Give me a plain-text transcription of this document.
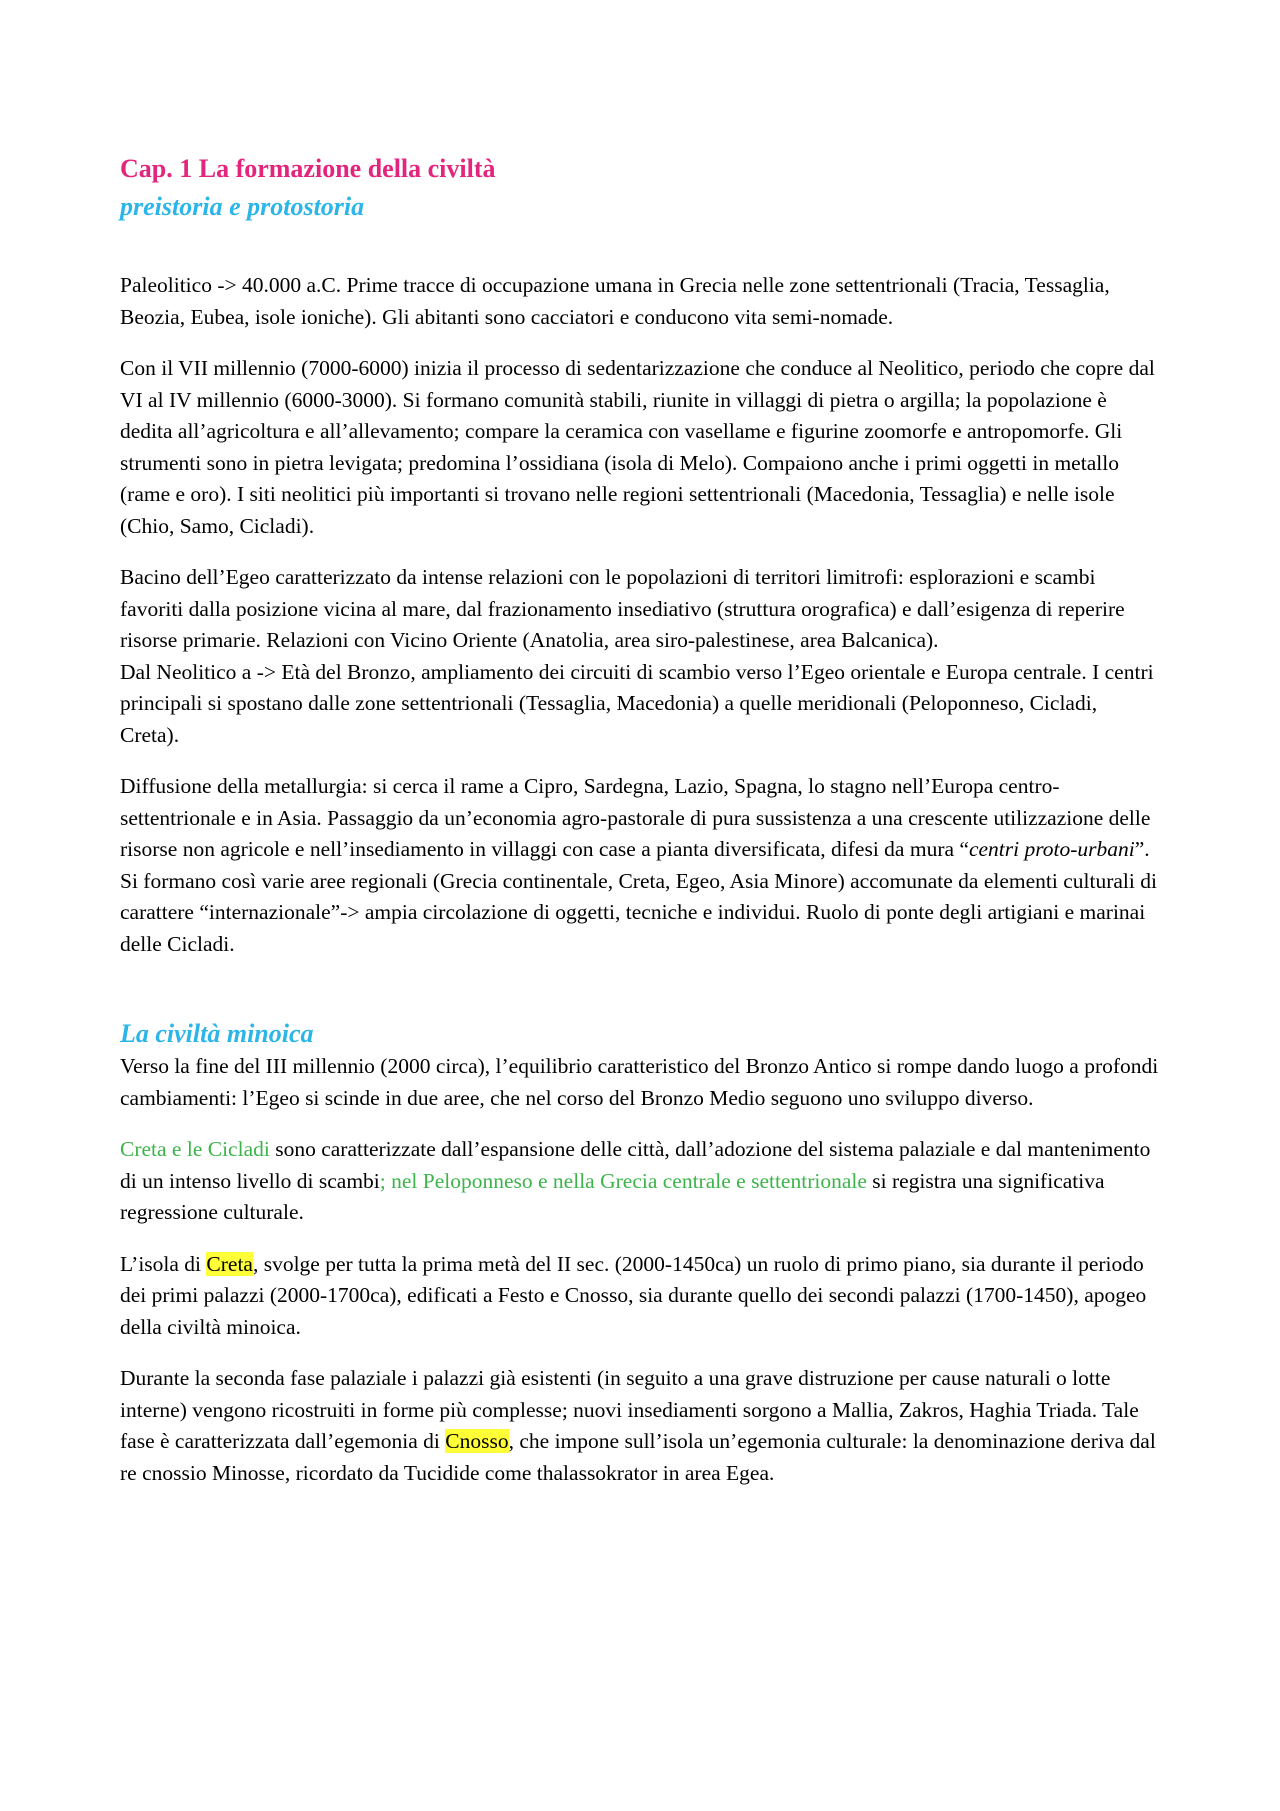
Cap. 1 La formazione della civiltà
preistoria e protostoria

Paleolitico -> 40.000 a.C. Prime tracce di occupazione umana in Grecia nelle zone settentrionali (Tracia, Tessaglia, Beozia, Eubea, isole ioniche). Gli abitanti sono cacciatori e conducono vita semi-nomade.

Con il VII millennio (7000-6000) inizia il processo di sedentarizzazione che conduce al Neolitico, periodo che copre dal VI al IV millennio (6000-3000). Si formano comunità stabili, riunite in villaggi di pietra o argilla; la popolazione è dedita all’agricoltura e all’allevamento; compare la ceramica con vasellame e figurine zoomorfe e antropomorfe. Gli strumenti sono in pietra levigata; predomina l’ossidiana (isola di Melo). Compaiono anche i primi oggetti in metallo (rame e oro). I siti neolitici più importanti si trovano nelle regioni settentrionali (Macedonia, Tessaglia) e nelle isole (Chio, Samo, Cicladi).

Bacino dell’Egeo caratterizzato da intense relazioni con le popolazioni di territori limitrofi: esplorazioni e scambi favoriti dalla posizione vicina al mare, dal frazionamento insediativo (struttura orografica) e dall’esigenza di reperire risorse primarie. Relazioni con Vicino Oriente (Anatolia, area siro-palestinese, area Balcanica).

Dal Neolitico a -> Età del Bronzo, ampliamento dei circuiti di scambio verso l’Egeo orientale e Europa centrale. I centri principali si spostano dalle zone settentrionali (Tessaglia, Macedonia) a quelle meridionali (Peloponneso, Cicladi, Creta).

Diffusione della metallurgia: si cerca il rame a Cipro, Sardegna, Lazio, Spagna, lo stagno nell’Europa centro-settentrionale e in Asia. Passaggio da un’economia agro-pastorale di pura sussistenza a una crescente utilizzazione delle risorse non agricole e nell’insediamento in villaggi con case a pianta diversificata, difesi da mura “centri proto-urbani”. Si formano così varie aree regionali (Grecia continentale, Creta, Egeo, Asia Minore) accomunate da elementi culturali di carattere “internazionale”-> ampia circolazione di oggetti, tecniche e individui. Ruolo di ponte degli artigiani e marinai delle Cicladi.

La civiltà minoica

Verso la fine del III millennio (2000 circa), l’equilibrio caratteristico del Bronzo Antico si rompe dando luogo a profondi cambiamenti: l’Egeo si scinde in due aree, che nel corso del Bronzo Medio seguono uno sviluppo diverso.

Creta e le Cicladi sono caratterizzate dall’espansione delle città, dall’adozione del sistema palaziale e dal mantenimento di un intenso livello di scambi; nel Peloponneso e nella Grecia centrale e settentrionale si registra una significativa regressione culturale.

L’isola di Creta, svolge per tutta la prima metà del II sec. (2000-1450ca) un ruolo di primo piano, sia durante il periodo dei primi palazzi (2000-1700ca), edificati a Festo e Cnosso, sia durante quello dei secondi palazzi (1700-1450), apogeo della civiltà minoica.

Durante la seconda fase palaziale i palazzi già esistenti (in seguito a una grave distruzione per cause naturali o lotte interne) vengono ricostruiti in forme più complesse; nuovi insediamenti sorgono a Mallia, Zakros, Haghia Triada. Tale fase è caratterizzata dall’egemonia di Cnosso, che impone sull’isola un’egemonia culturale: la denominazione deriva dal re cnossio Minosse, ricordato da Tucidide come thalassokrator in area Egea.
